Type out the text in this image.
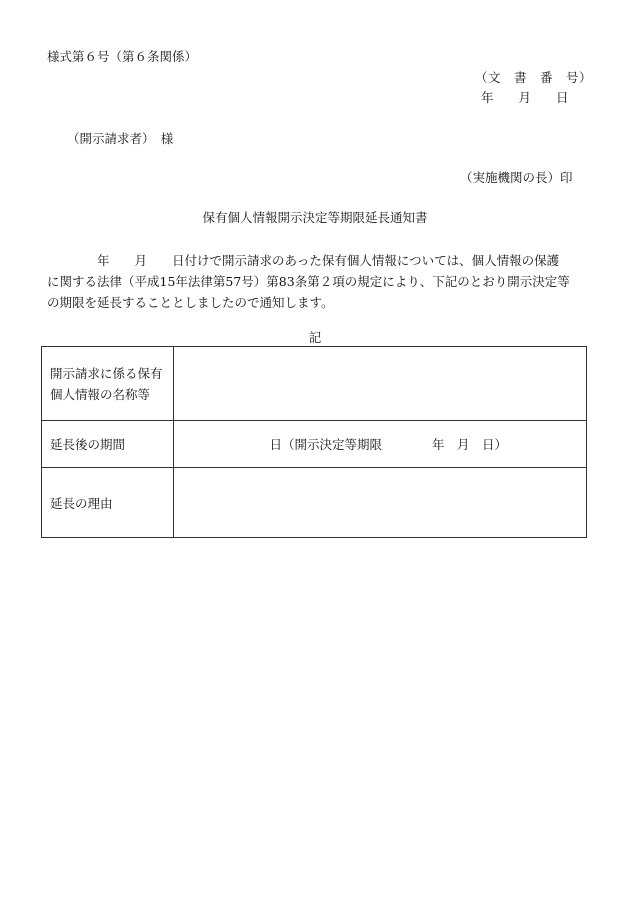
様式第６号（第６条関係）

（文　書　番　号）

年　　月　　日

（開示請求者）　様

（実施機関の長）印

保有個人情報開示決定等期限延長通知書

　　　　年　　月　　日付けで開示請求のあった保有個人情報については、個人情報の保護
に関する法律（平成15年法律第57号）第83条第２項の規定により、下記のとおり開示決定等
の期限を延長することとしましたので通知します。

記

開示請求に係る保有
個人情報の名称等	
延長後の期間	　　　　　　　日（開示決定等期限　　　　年　月　日）
延長の理由	
